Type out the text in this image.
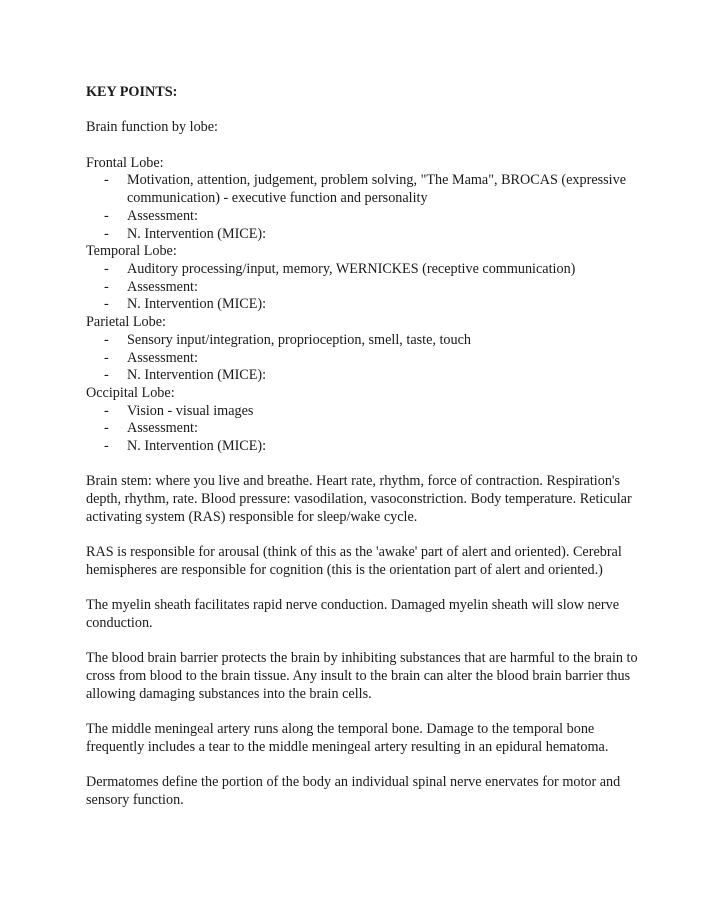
KEY POINTS:

Brain function by lobe:

Frontal Lobe:

- Motivation, attention, judgement, problem solving, "The Mama", BROCAS (expressive communication) - executive function and personality
- Assessment:
- N. Intervention (MICE):

Temporal Lobe:

- Auditory processing/input, memory, WERNICKES (receptive communication)
- Assessment:
- N. Intervention (MICE):

Parietal Lobe:

- Sensory input/integration, proprioception, smell, taste, touch
- Assessment:
- N. Intervention (MICE):

Occipital Lobe:

- Vision - visual images
- Assessment:
- N. Intervention (MICE):

Brain stem: where you live and breathe. Heart rate, rhythm, force of contraction. Respiration's depth, rhythm, rate. Blood pressure: vasodilation, vasoconstriction. Body temperature. Reticular activating system (RAS) responsible for sleep/wake cycle.

RAS is responsible for arousal (think of this as the 'awake' part of alert and oriented). Cerebral hemispheres are responsible for cognition (this is the orientation part of alert and oriented.)

The myelin sheath facilitates rapid nerve conduction. Damaged myelin sheath will slow nerve conduction.

The blood brain barrier protects the brain by inhibiting substances that are harmful to the brain to cross from blood to the brain tissue. Any insult to the brain can alter the blood brain barrier thus allowing damaging substances into the brain cells.

The middle meningeal artery runs along the temporal bone. Damage to the temporal bone frequently includes a tear to the middle meningeal artery resulting in an epidural hematoma.

Dermatomes define the portion of the body an individual spinal nerve enervates for motor and sensory function.
